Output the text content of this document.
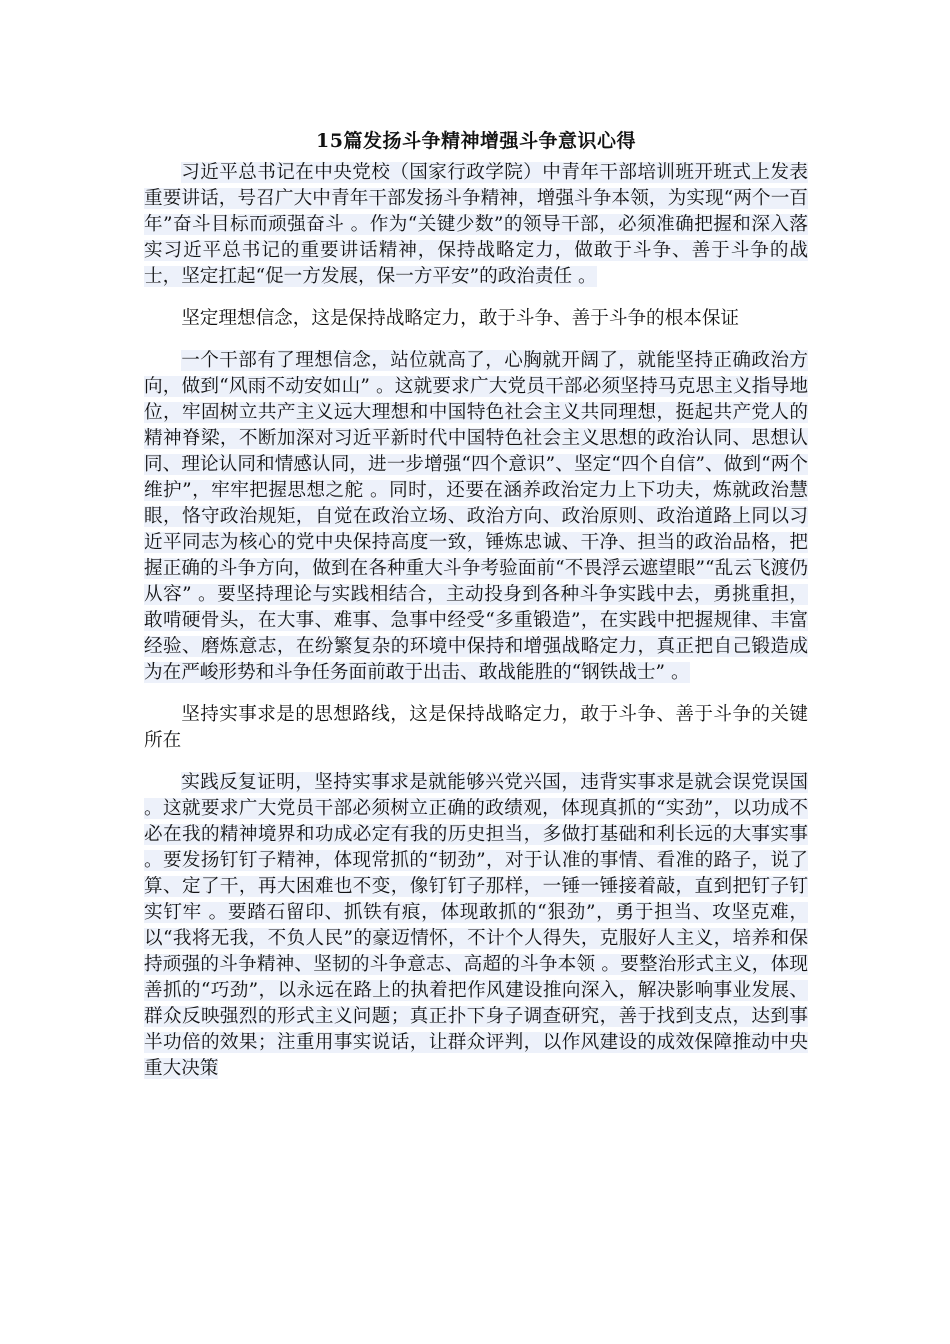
15篇发扬斗争精神增强斗争意识心得

习近平总书记在中央党校（国家行政学院）中青年干部培训班开班式上发表重要讲话，号召广大中青年干部发扬斗争精神，增强斗争本领，为实现“两个一百年”奋斗目标而顽强奋斗 。作为“关键少数”的领导干部，必须准确把握和深入落实习近平总书记的重要讲话精神，保持战略定力，做敢于斗争、善于斗争的战士，坚定扛起“促一方发展，保一方平安”的政治责任 。

坚定理想信念，这是保持战略定力，敢于斗争、善于斗争的根本保证

一个干部有了理想信念，站位就高了，心胸就开阔了，就能坚持正确政治方向，做到“风雨不动安如山” 。这就要求广大党员干部必须坚持马克思主义指导地位，牢固树立共产主义远大理想和中国特色社会主义共同理想，挺起共产党人的精神脊梁，不断加深对习近平新时代中国特色社会主义思想的政治认同、思想认同、理论认同和情感认同，进一步增强“四个意识”、坚定“四个自信”、做到“两个维护”，牢牢把握思想之舵 。同时，还要在涵养政治定力上下功夫，炼就政治慧眼，恪守政治规矩，自觉在政治立场、政治方向、政治原则、政治道路上同以习近平同志为核心的党中央保持高度一致，锤炼忠诚、干净、担当的政治品格，把握正确的斗争方向，做到在各种重大斗争考验面前“不畏浮云遮望眼”“乱云飞渡仍从容” 。要坚持理论与实践相结合，主动投身到各种斗争实践中去，勇挑重担，敢啃硬骨头，在大事、难事、急事中经受“多重锻造”，在实践中把握规律、丰富经验、磨炼意志，在纷繁复杂的环境中保持和增强战略定力，真正把自己锻造成为在严峻形势和斗争任务面前敢于出击、敢战能胜的“钢铁战士” 。

坚持实事求是的思想路线，这是保持战略定力，敢于斗争、善于斗争的关键所在

实践反复证明，坚持实事求是就能够兴党兴国，违背实事求是就会误党误国 。这就要求广大党员干部必须树立正确的政绩观，体现真抓的“实劲”，以功成不必在我的精神境界和功成必定有我的历史担当，多做打基础和利长远的大事实事 。要发扬钉钉子精神，体现常抓的“韧劲”，对于认准的事情、看准的路子，说了算、定了干，再大困难也不变，像钉钉子那样，一锤一锤接着敲，直到把钉子钉实钉牢 。要踏石留印、抓铁有痕，体现敢抓的“狠劲”，勇于担当、攻坚克难，以“我将无我，不负人民”的豪迈情怀，不计个人得失，克服好人主义，培养和保持顽强的斗争精神、坚韧的斗争意志、高超的斗争本领 。要整治形式主义，体现善抓的“巧劲”，以永远在路上的执着把作风建设推向深入，解决影响事业发展、群众反映强烈的形式主义问题；真正扑下身子调查研究，善于找到支点，达到事半功倍的效果；注重用事实说话，让群众评判，以作风建设的成效保障推动中央重大决策
